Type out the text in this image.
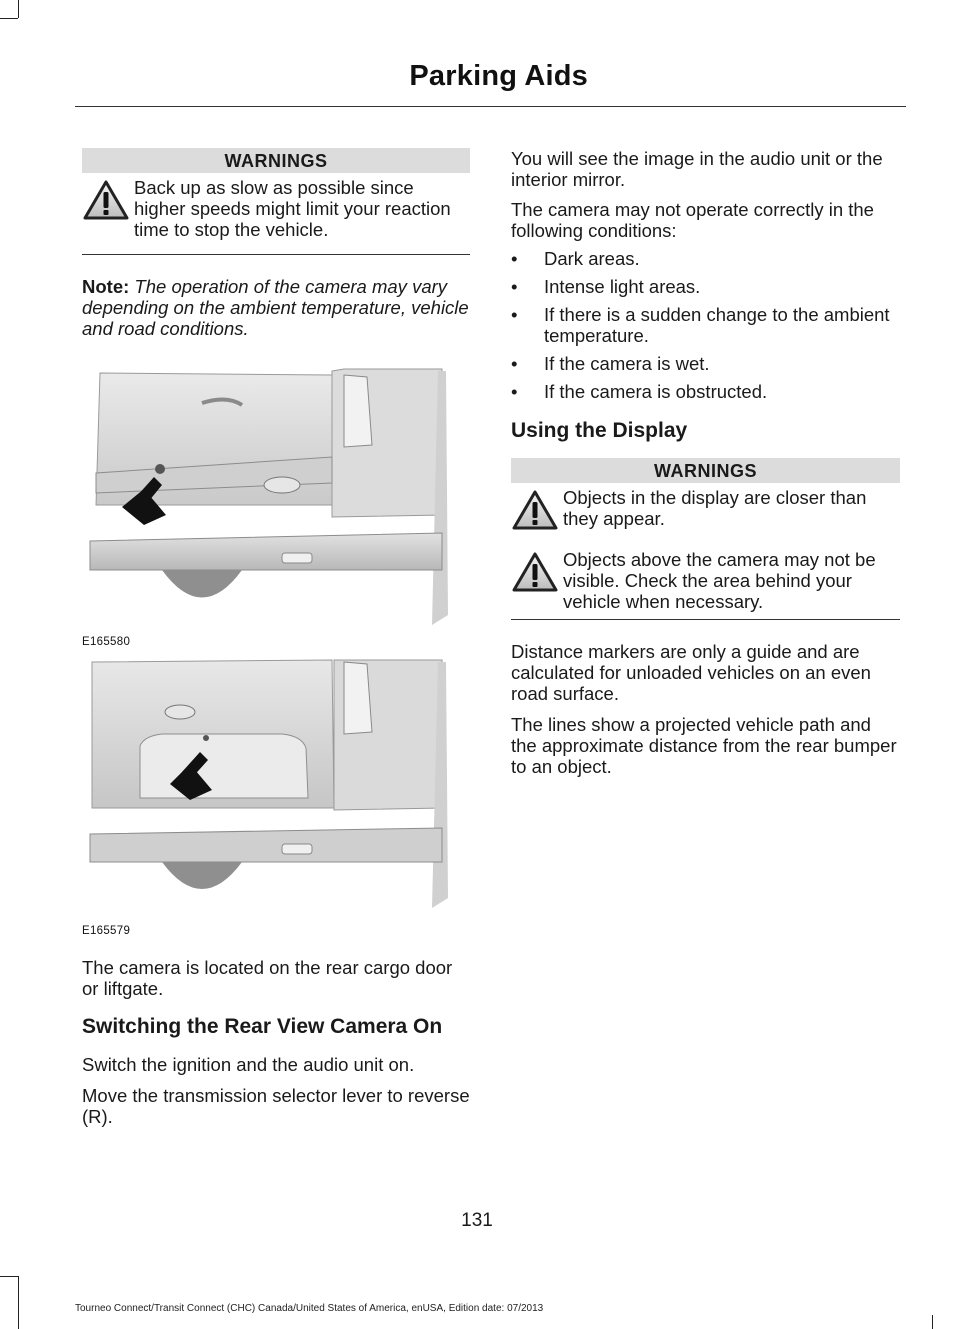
Parking Aids
WARNINGS
Back up as slow as possible since higher speeds might limit your reaction time to stop the vehicle.

Note: The operation of the camera may vary depending on the ambient temperature, vehicle and road conditions.

E165580
E165579

The camera is located on the rear cargo door or liftgate.

Switching the Rear View Camera On

Switch the ignition and the audio unit on.

Move the transmission selector lever to reverse (R).

You will see the image in the audio unit or the interior mirror.

The camera may not operate correctly in the following conditions:

• Dark areas.
• Intense light areas.
• If there is a sudden change to the ambient temperature.
• If the camera is wet.
• If the camera is obstructed.

Using the Display

WARNINGS
Objects in the display are closer than they appear.
Objects above the camera may not be visible. Check the area behind your vehicle when necessary.

Distance markers are only a guide and are calculated for unloaded vehicles on an even road surface.

The lines show a projected vehicle path and the approximate distance from the rear bumper to an object.

131
Tourneo Connect/Transit Connect (CHC) Canada/United States of America, enUSA, Edition date: 07/2013
